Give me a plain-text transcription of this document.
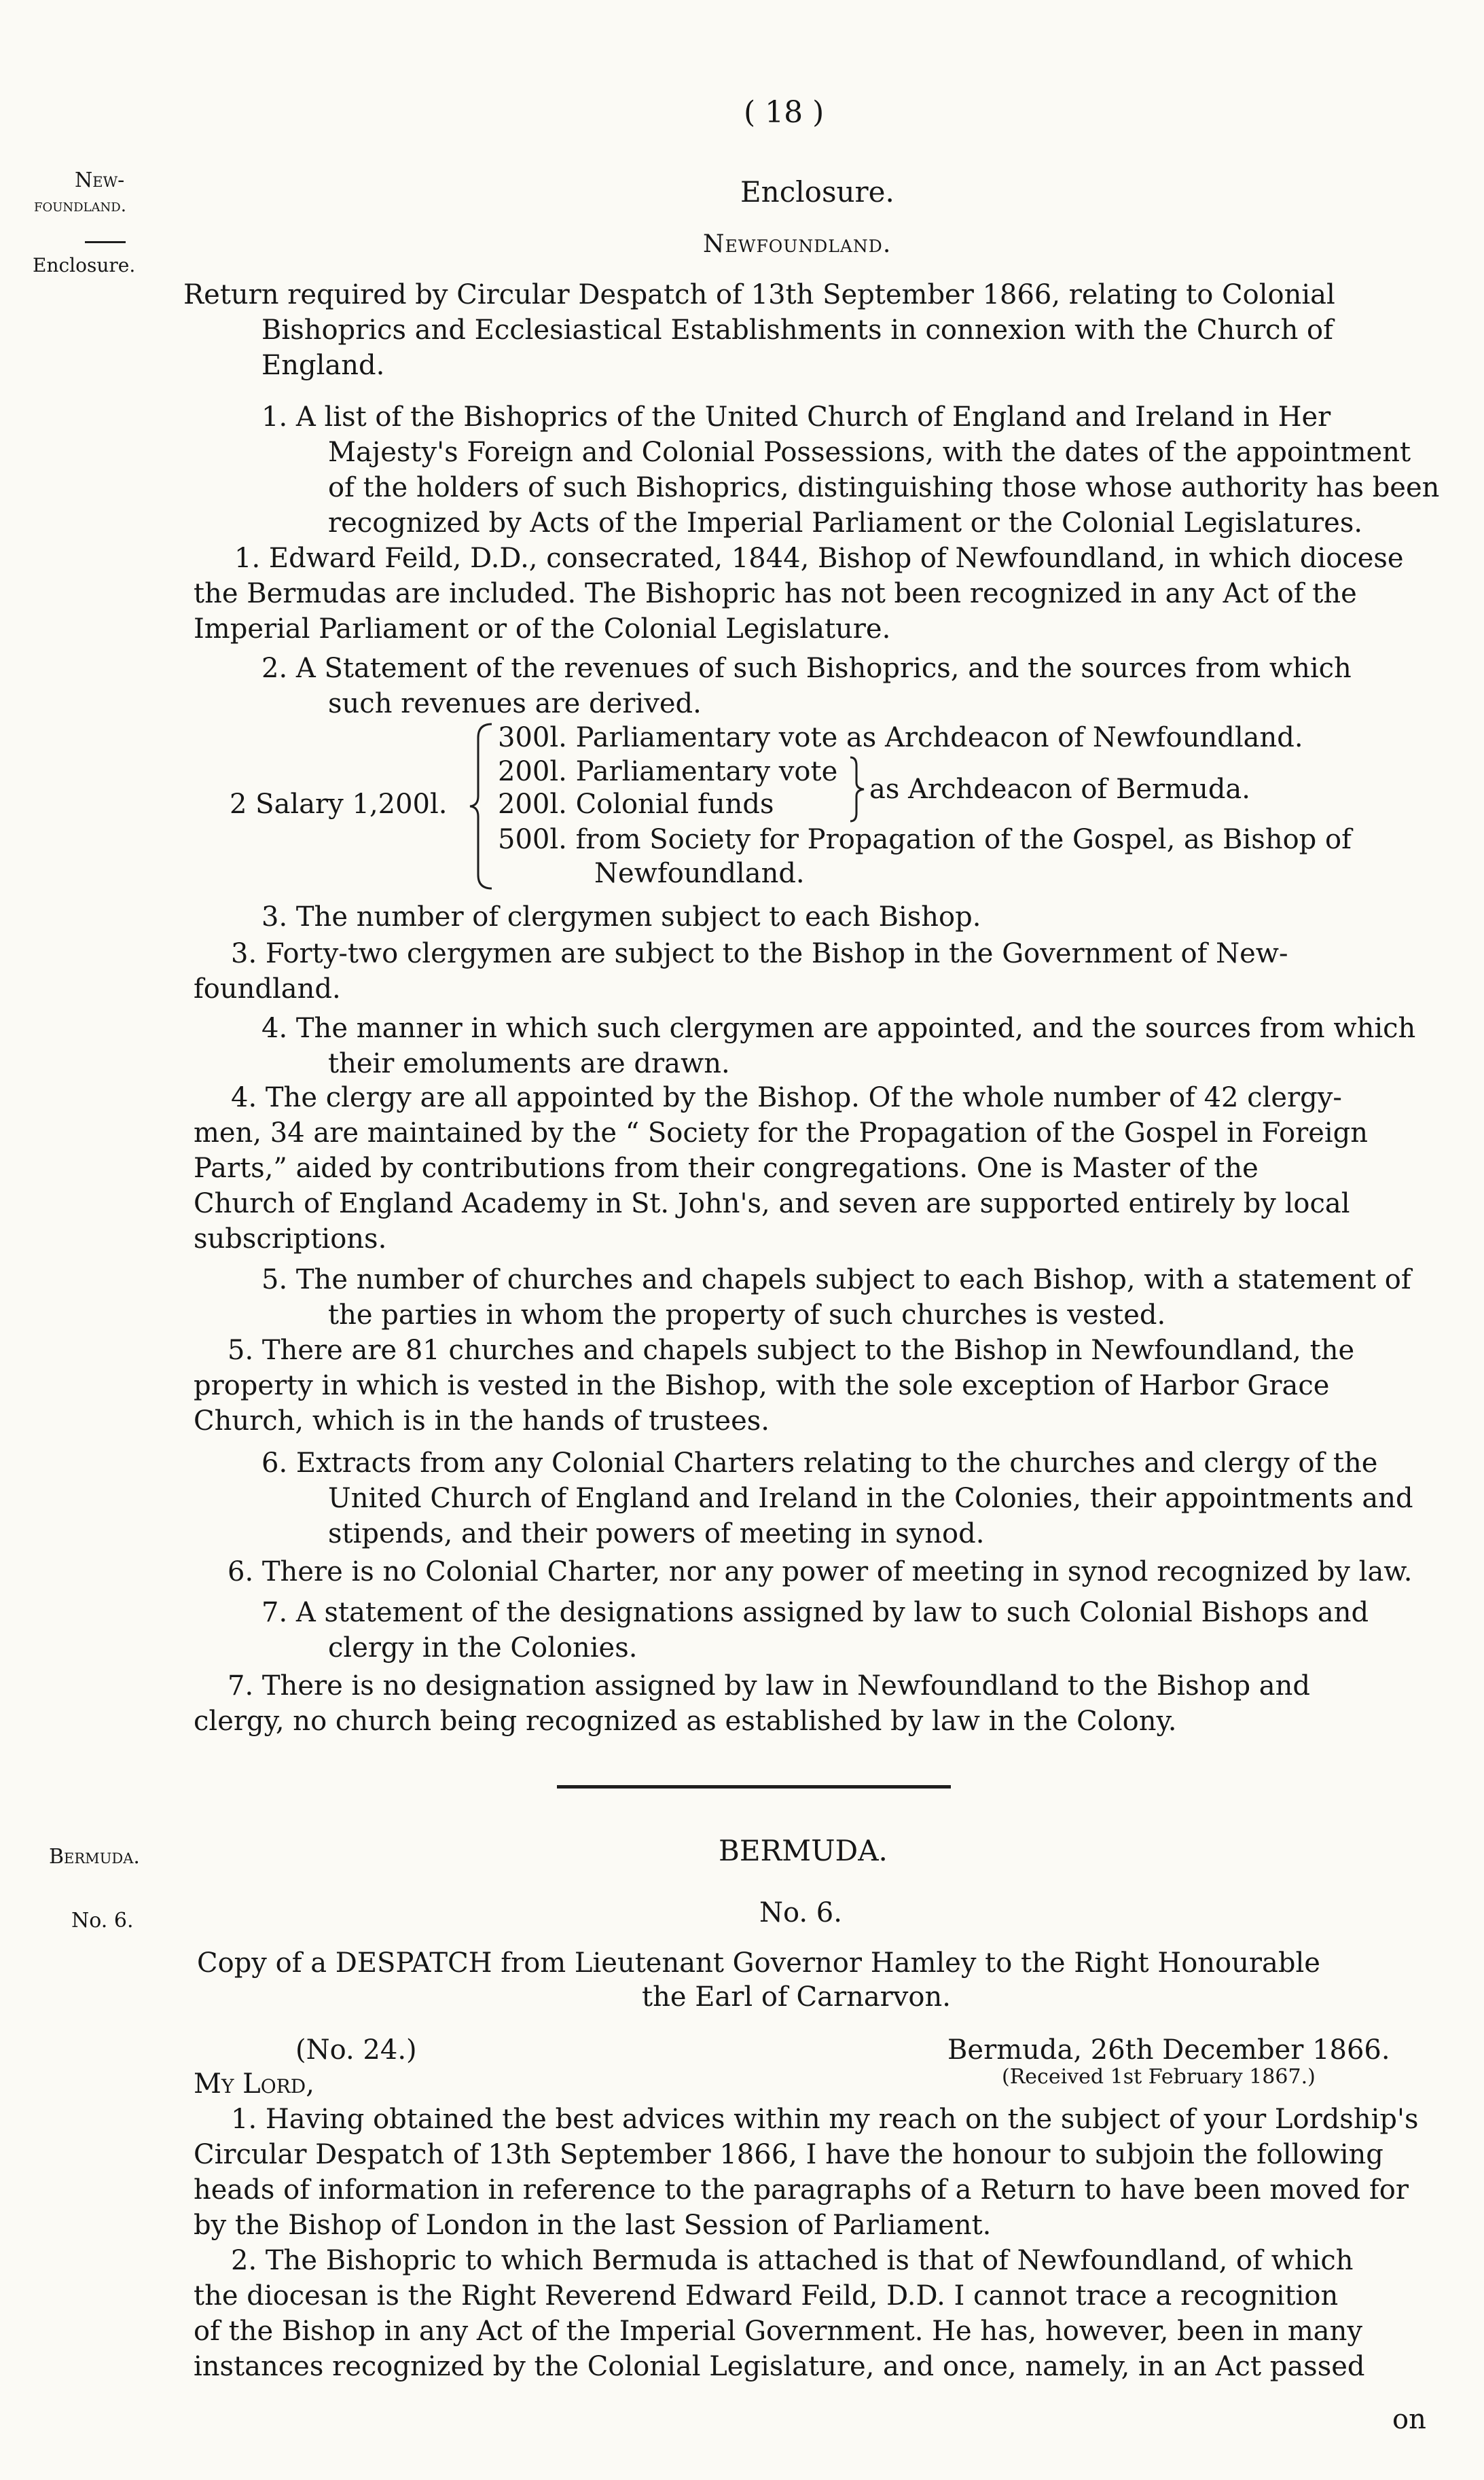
( 18 )
New-
foundland.
Enclosure.
Bermuda.
No. 6.
Enclosure.
Newfoundland.
Return required by Circular Despatch of 13th September 1866, relating to Colonial
Bishoprics and Ecclesiastical Establishments in connexion with the Church of
England.
1. A list of the Bishoprics of the United Church of England and Ireland in Her
Majesty's Foreign and Colonial Possessions, with the dates of the appointment
of the holders of such Bishoprics, distinguishing those whose authority has been
recognized by Acts of the Imperial Parliament or the Colonial Legislatures.
1. Edward Feild, D.D., consecrated, 1844, Bishop of Newfoundland, in which diocese
the Bermudas are included. The Bishopric has not been recognized in any Act of the
Imperial Parliament or of the Colonial Legislature.
2. A Statement of the revenues of such Bishoprics, and the sources from which
such revenues are derived.
2 Salary 1,200l.
300l. Parliamentary vote as Archdeacon of Newfoundland.
200l. Parliamentary vote
200l. Colonial funds	as Archdeacon of Bermuda.
500l. from Society for Propagation of the Gospel, as Bishop of
Newfoundland.
3. The number of clergymen subject to each Bishop.
3. Forty-two clergymen are subject to the Bishop in the Government of New-
foundland.
4. The manner in which such clergymen are appointed, and the sources from which
their emoluments are drawn.
4. The clergy are all appointed by the Bishop. Of the whole number of 42 clergy-
men, 34 are maintained by the “ Society for the Propagation of the Gospel in Foreign
Parts,” aided by contributions from their congregations. One is Master of the
Church of England Academy in St. John's, and seven are supported entirely by local
subscriptions.
5. The number of churches and chapels subject to each Bishop, with a statement of
the parties in whom the property of such churches is vested.
5. There are 81 churches and chapels subject to the Bishop in Newfoundland, the
property in which is vested in the Bishop, with the sole exception of Harbor Grace
Church, which is in the hands of trustees.
6. Extracts from any Colonial Charters relating to the churches and clergy of the
United Church of England and Ireland in the Colonies, their appointments and
stipends, and their powers of meeting in synod.
6. There is no Colonial Charter, nor any power of meeting in synod recognized by law.
7. A statement of the designations assigned by law to such Colonial Bishops and
clergy in the Colonies.
7. There is no designation assigned by law in Newfoundland to the Bishop and
clergy, no church being recognized as established by law in the Colony.
BERMUDA.
No. 6.
Copy of a DESPATCH from Lieutenant Governor Hamley to the Right Honourable
the Earl of Carnarvon.
(No. 24.)	Bermuda, 26th December 1866.
My Lord,	(Received 1st February 1867.)
1. Having obtained the best advices within my reach on the subject of your Lordship's
Circular Despatch of 13th September 1866, I have the honour to subjoin the following
heads of information in reference to the paragraphs of a Return to have been moved for
by the Bishop of London in the last Session of Parliament.
2. The Bishopric to which Bermuda is attached is that of Newfoundland, of which
the diocesan is the Right Reverend Edward Feild, D.D. I cannot trace a recognition
of the Bishop in any Act of the Imperial Government. He has, however, been in many
instances recognized by the Colonial Legislature, and once, namely, in an Act passed
on
